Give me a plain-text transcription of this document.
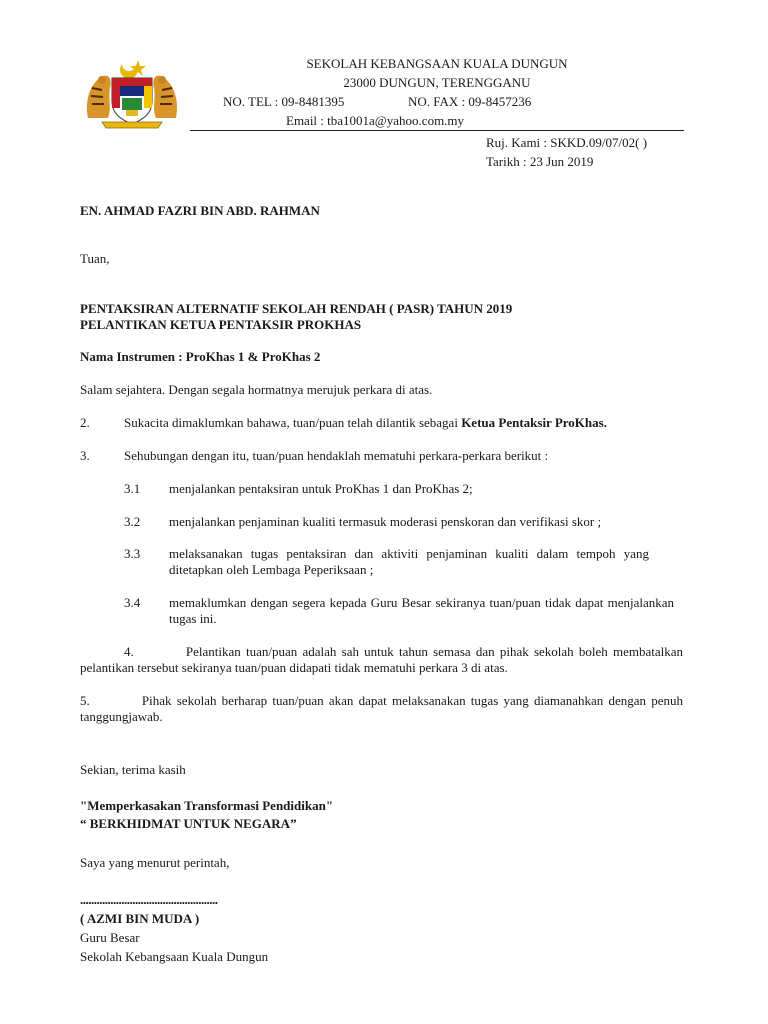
SEKOLAH KEBANGSAAN KUALA DUNGUN
23000 DUNGUN, TERENGGANU
NO. TEL : 09-8481395	NO. FAX : 09-8457236
Email : tba1001a@yahoo.com.my
Ruj. Kami : SKKD.09/07/02( )
Tarikh : 23 Jun 2019
EN. AHMAD FAZRI BIN ABD. RAHMAN
Tuan,
PENTAKSIRAN ALTERNATIF SEKOLAH RENDAH ( PASR) TAHUN 2019
PELANTIKAN KETUA PENTAKSIR PROKHAS
Nama Instrumen : ProKhas 1 & ProKhas 2
Salam sejahtera. Dengan segala hormatnya merujuk perkara di atas.
2.	Sukacita dimaklumkan bahawa, tuan/puan telah dilantik sebagai Ketua Pentaksir ProKhas.
3.	Sehubungan dengan itu, tuan/puan hendaklah mematuhi perkara-perkara berikut :
3.1 menjalankan pentaksiran untuk ProKhas 1 dan ProKhas 2;
3.2 menjalankan penjaminan kualiti termasuk moderasi penskoran dan verifikasi skor ;
3.3 melaksanakan tugas pentaksiran dan aktiviti penjaminan kualiti dalam tempoh yang ditetapkan oleh Lembaga Peperiksaan ;
3.4 memaklumkan dengan segera kepada Guru Besar sekiranya tuan/puan tidak dapat menjalankan tugas ini.
4.	Pelantikan tuan/puan adalah sah untuk tahun semasa dan pihak sekolah boleh membatalkan pelantikan tersebut sekiranya tuan/puan didapati tidak mematuhi perkara 3 di atas.
5.	Pihak sekolah berharap tuan/puan akan dapat melaksanakan tugas yang diamanahkan dengan penuh tanggungjawab.
Sekian, terima kasih
"Memperkasakan Transformasi Pendidikan"
“ BERKHIDMAT UNTUK NEGARA”
Saya yang menurut perintah,
..................................................
( AZMI BIN MUDA )
Guru Besar
Sekolah Kebangsaan Kuala Dungun
